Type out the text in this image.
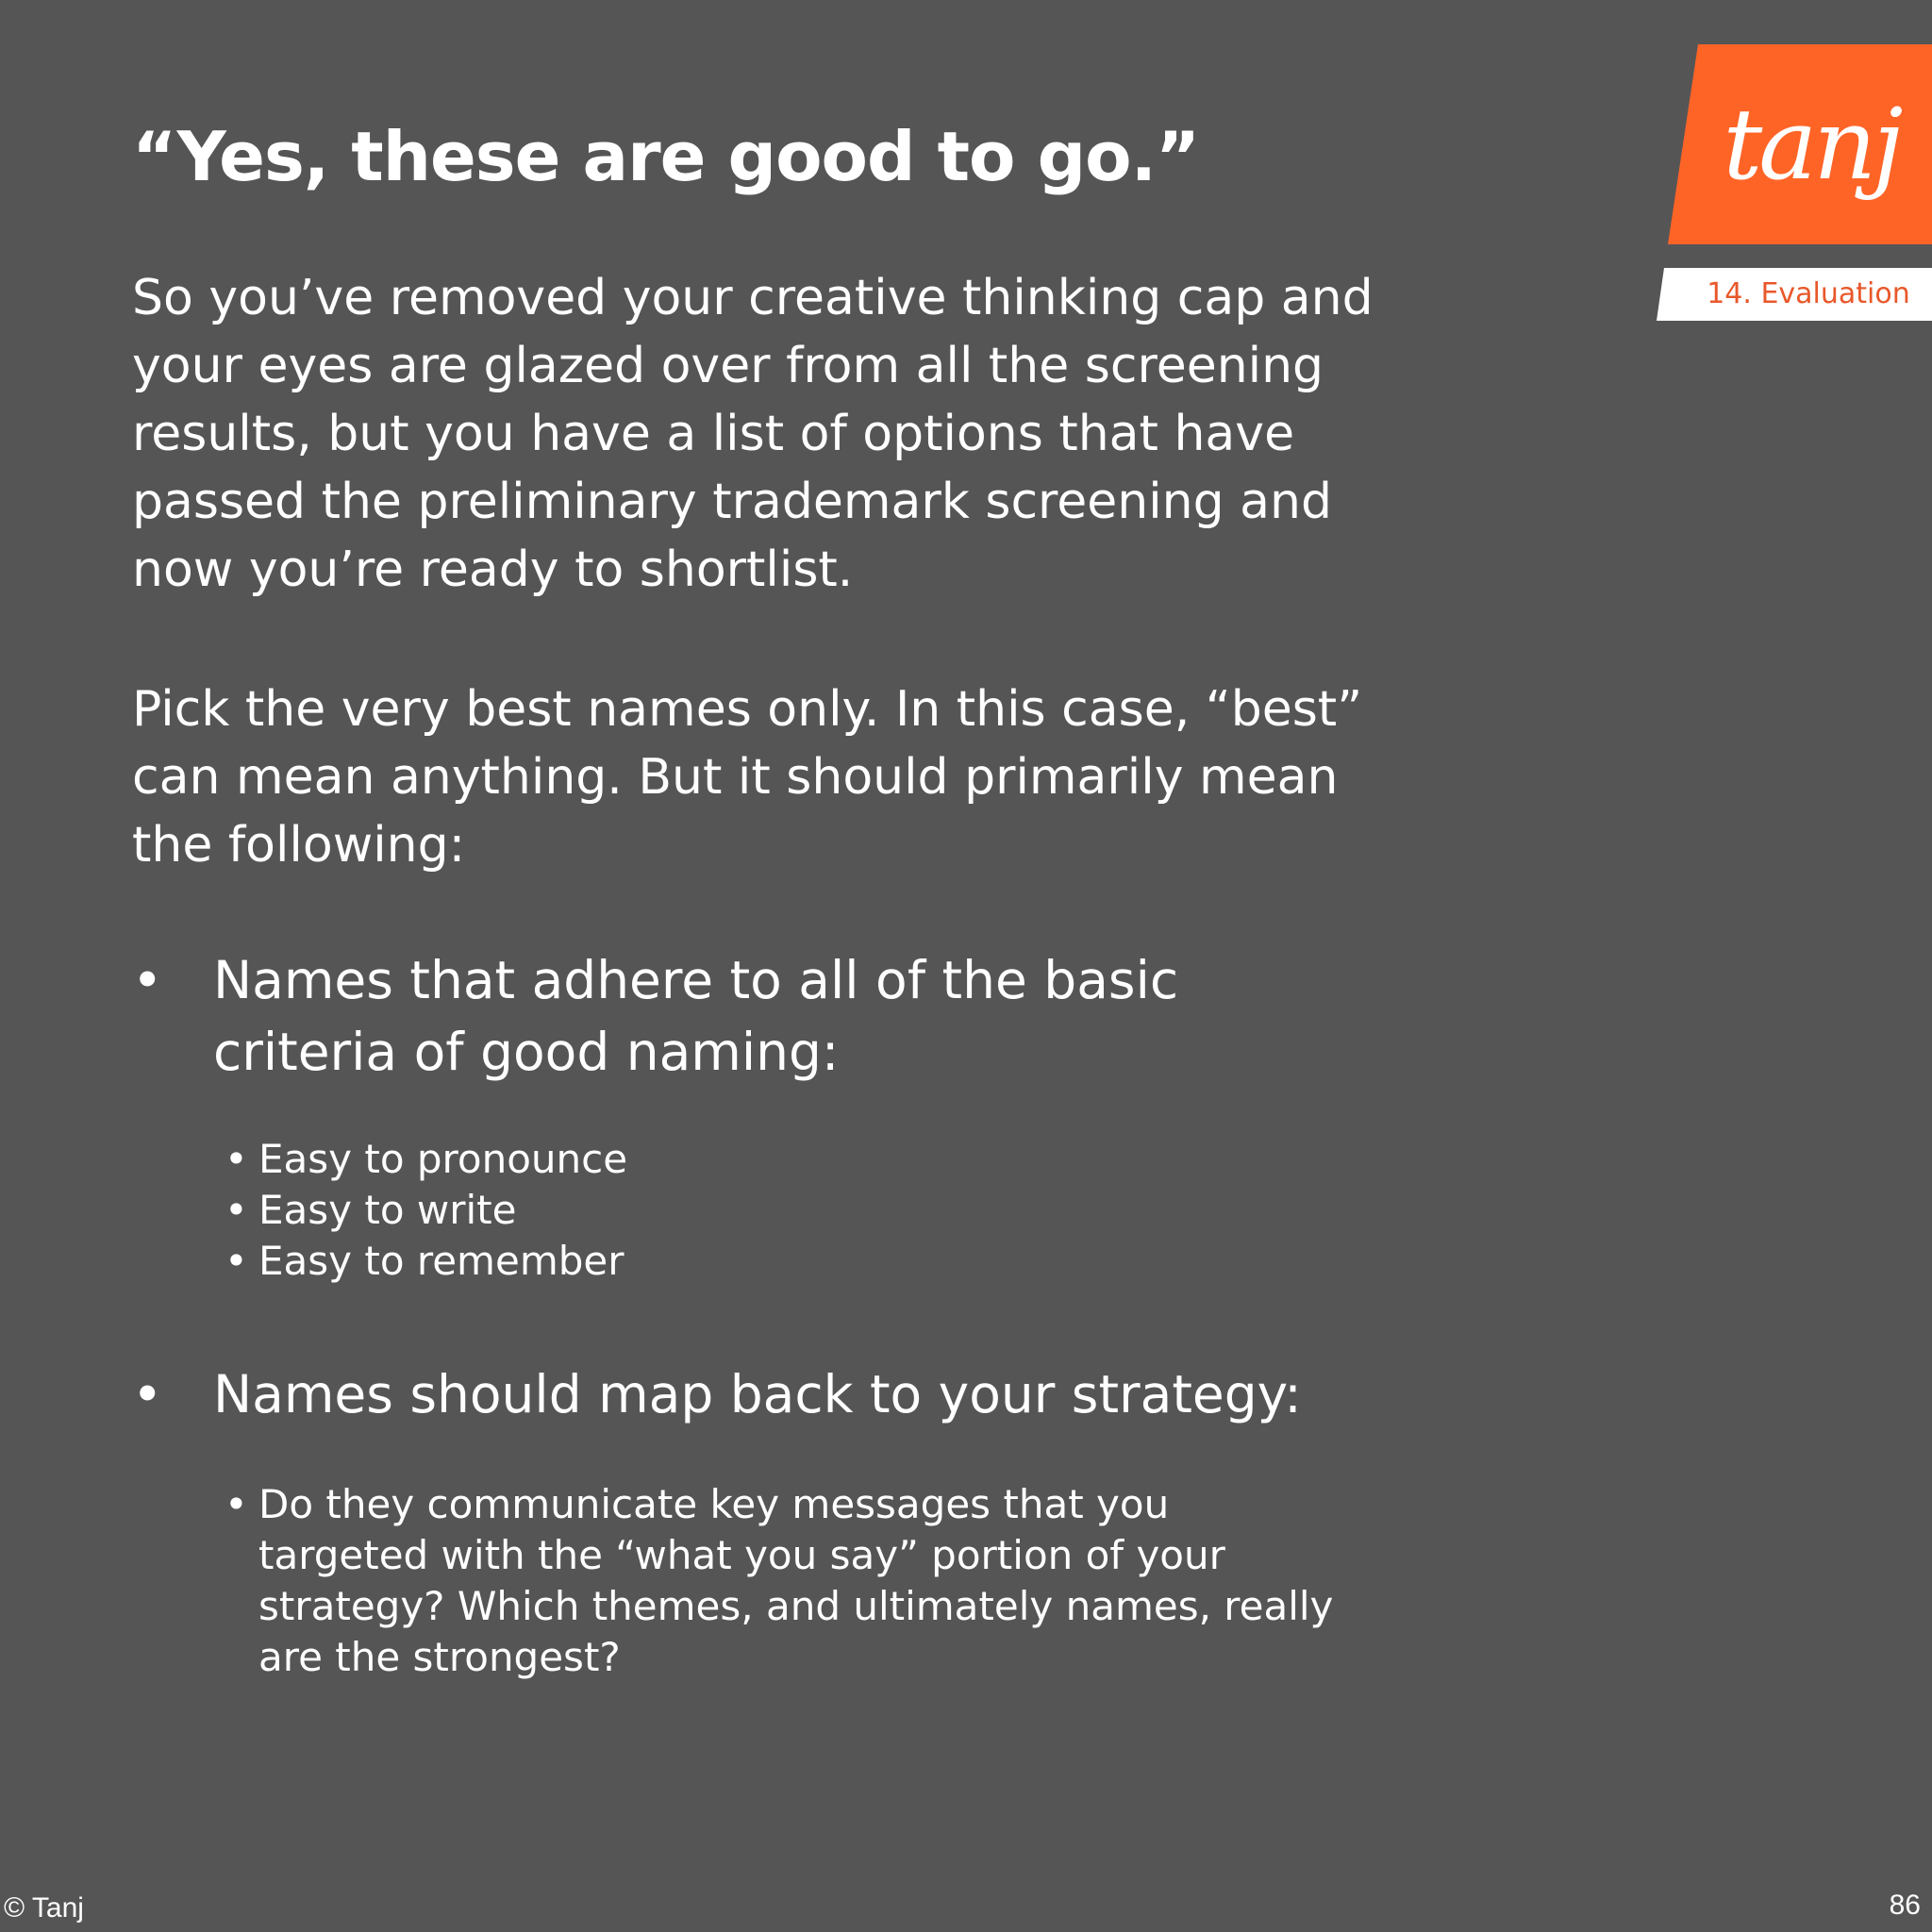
“Yes, these are good to go.”

So you’ve removed your creative thinking cap and your eyes are glazed over from all the screening results, but you have a list of options that have passed the preliminary trademark screening and now you’re ready to shortlist.

Pick the very best names only. In this case, “best” can mean anything. But it should primarily mean the following:

• Names that adhere to all of the basic criteria of good naming:
• Easy to pronounce
• Easy to write
• Easy to remember
• Names should map back to your strategy:
• Do they communicate key messages that you targeted with the “what you say” portion of your strategy? Which themes, and ultimately names, really are the strongest?
tanj
14. Evaluation
© Tanj	86
